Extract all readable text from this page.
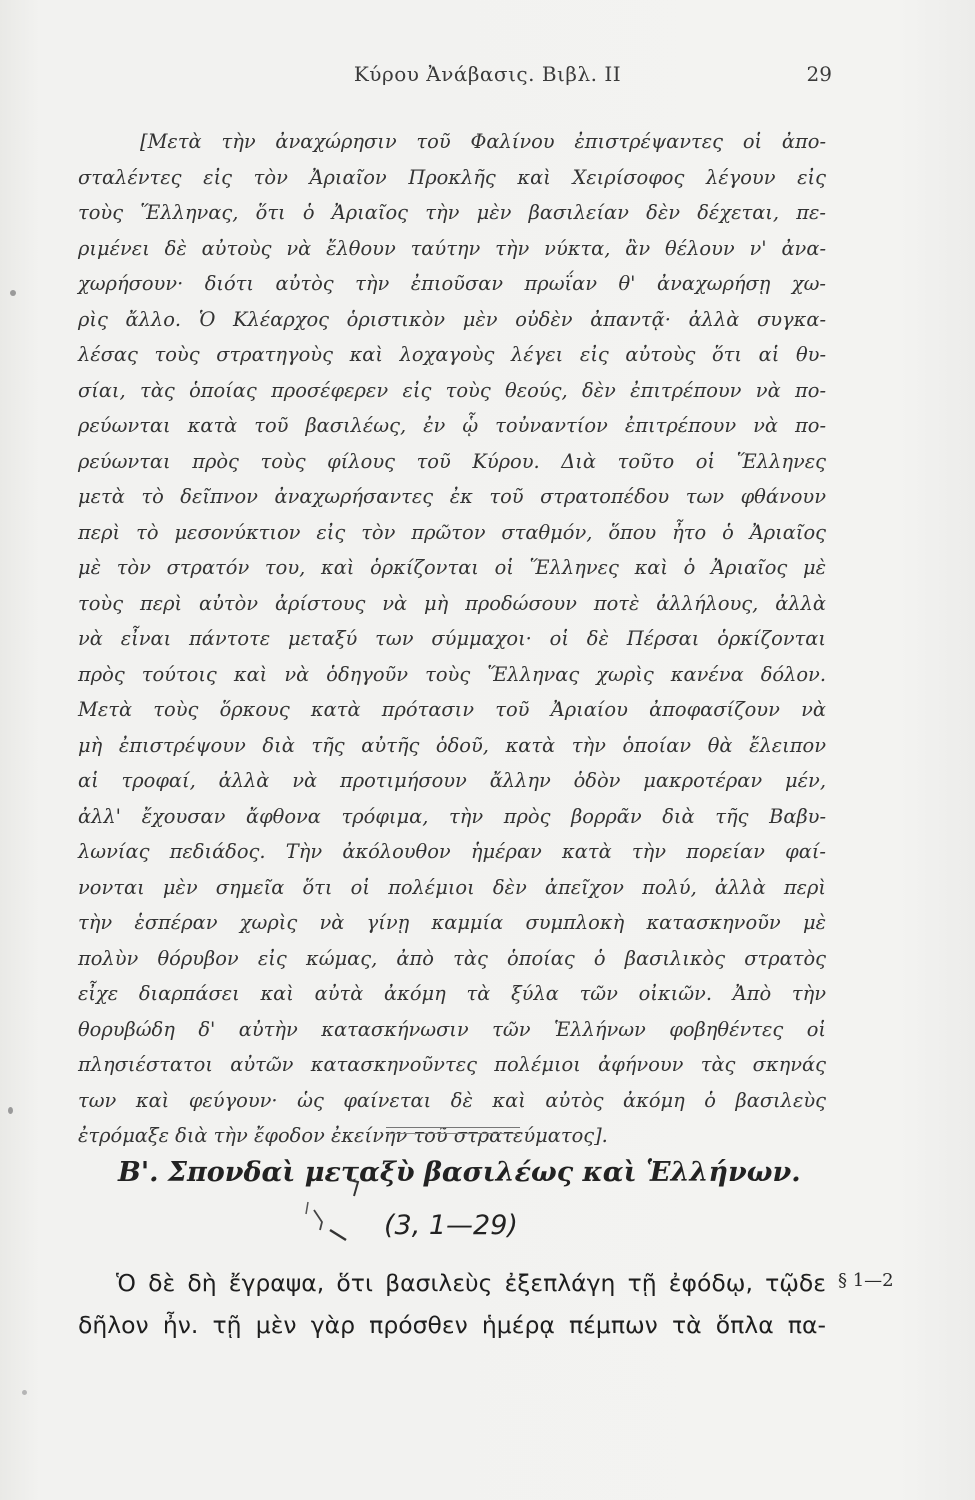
Κύρου Ἀνάβασις. Βιβλ. II	29
[Μετὰ τὴν ἀναχώρησιν τοῦ Φαλίνου ἐπιστρέψαντες οἱ ἀπο-
σταλέντες εἰς τὸν Ἀριαῖον Προκλῆς καὶ Χειρίσοφος λέγουν εἰς
τοὺς Ἕλληνας, ὅτι ὁ Ἀριαῖος τὴν μὲν βασιλείαν δὲν δέχεται, πε-
ριμένει δὲ αὐτοὺς νὰ ἔλθουν ταύτην τὴν νύκτα, ἂν θέλουν ν' ἀνα-
χωρήσουν· διότι αὐτὸς τὴν ἐπιοῦσαν πρωΐαν θ' ἀναχωρήσῃ χω-
ρὶς ἄλλο. Ὁ Κλέαρχος ὁριστικὸν μὲν οὐδὲν ἀπαντᾷ· ἀλλὰ συγκα-
λέσας τοὺς στρατηγοὺς καὶ λοχαγοὺς λέγει εἰς αὐτοὺς ὅτι αἱ θυ-
σίαι, τὰς ὁποίας προσέφερεν εἰς τοὺς θεούς, δὲν ἐπιτρέπουν νὰ πο-
ρεύωνται κατὰ τοῦ βασιλέως, ἐν ᾧ τοὐναντίον ἐπιτρέπουν νὰ πο-
ρεύωνται πρὸς τοὺς φίλους τοῦ Κύρου. Διὰ τοῦτο οἱ Ἕλληνες
μετὰ τὸ δεῖπνον ἀναχωρήσαντες ἐκ τοῦ στρατοπέδου των φθάνουν
περὶ τὸ μεσονύκτιον εἰς τὸν πρῶτον σταθμόν, ὅπου ἦτο ὁ Ἀριαῖος
μὲ τὸν στρατόν του, καὶ ὁρκίζονται οἱ Ἕλληνες καὶ ὁ Ἀριαῖος μὲ
τοὺς περὶ αὐτὸν ἀρίστους νὰ μὴ προδώσουν ποτὲ ἀλλήλους, ἀλλὰ
νὰ εἶναι πάντοτε μεταξύ των σύμμαχοι· οἱ δὲ Πέρσαι ὁρκίζονται
πρὸς τούτοις καὶ νὰ ὁδηγοῦν τοὺς Ἕλληνας χωρὶς κανένα δόλον.
Μετὰ τοὺς ὅρκους κατὰ πρότασιν τοῦ Ἀριαίου ἀποφασίζουν νὰ
μὴ ἐπιστρέψουν διὰ τῆς αὐτῆς ὁδοῦ, κατὰ τὴν ὁποίαν θὰ ἔλειπον
αἱ τροφαί, ἀλλὰ νὰ προτιμήσουν ἄλλην ὁδὸν μακροτέραν μέν,
ἀλλ' ἔχουσαν ἄφθονα τρόφιμα, τὴν πρὸς βορρᾶν διὰ τῆς Βαβυ-
λωνίας πεδιάδος. Τὴν ἀκόλουθον ἡμέραν κατὰ τὴν πορείαν φαί-
νονται μὲν σημεῖα ὅτι οἱ πολέμιοι δὲν ἀπεῖχον πολύ, ἀλλὰ περὶ
τὴν ἑσπέραν χωρὶς νὰ γίνῃ καμμία συμπλοκὴ κατασκηνοῦν μὲ
πολὺν θόρυβον εἰς κώμας, ἀπὸ τὰς ὁποίας ὁ βασιλικὸς στρατὸς
εἶχε διαρπάσει καὶ αὐτὰ ἀκόμη τὰ ξύλα τῶν οἰκιῶν. Ἀπὸ τὴν
θορυβώδη δ' αὐτὴν κατασκήνωσιν τῶν Ἑλλήνων φοβηθέντες οἱ
πλησιέστατοι αὐτῶν κατασκηνοῦντες πολέμιοι ἀφήνουν τὰς σκηνάς
των καὶ φεύγουν· ὡς φαίνεται δὲ καὶ αὐτὸς ἀκόμη ὁ βασιλεὺς
ἐτρόμαξε διὰ τὴν ἔφοδον ἐκείνην τοῦ στρατεύματος].
Β'. Σπονδαὶ μεταξὺ βασιλέως καὶ Ἑλλήνων.
(3, 1—29)
Ὁ δὲ δὴ ἔγραψα, ὅτι βασιλεὺς ἐξεπλάγη τῇ ἐφόδῳ, τῷδε
δῆλον ἦν. τῇ μὲν γὰρ πρόσθεν ἡμέρᾳ πέμπων τὰ ὅπλα πα-
§ 1—2
